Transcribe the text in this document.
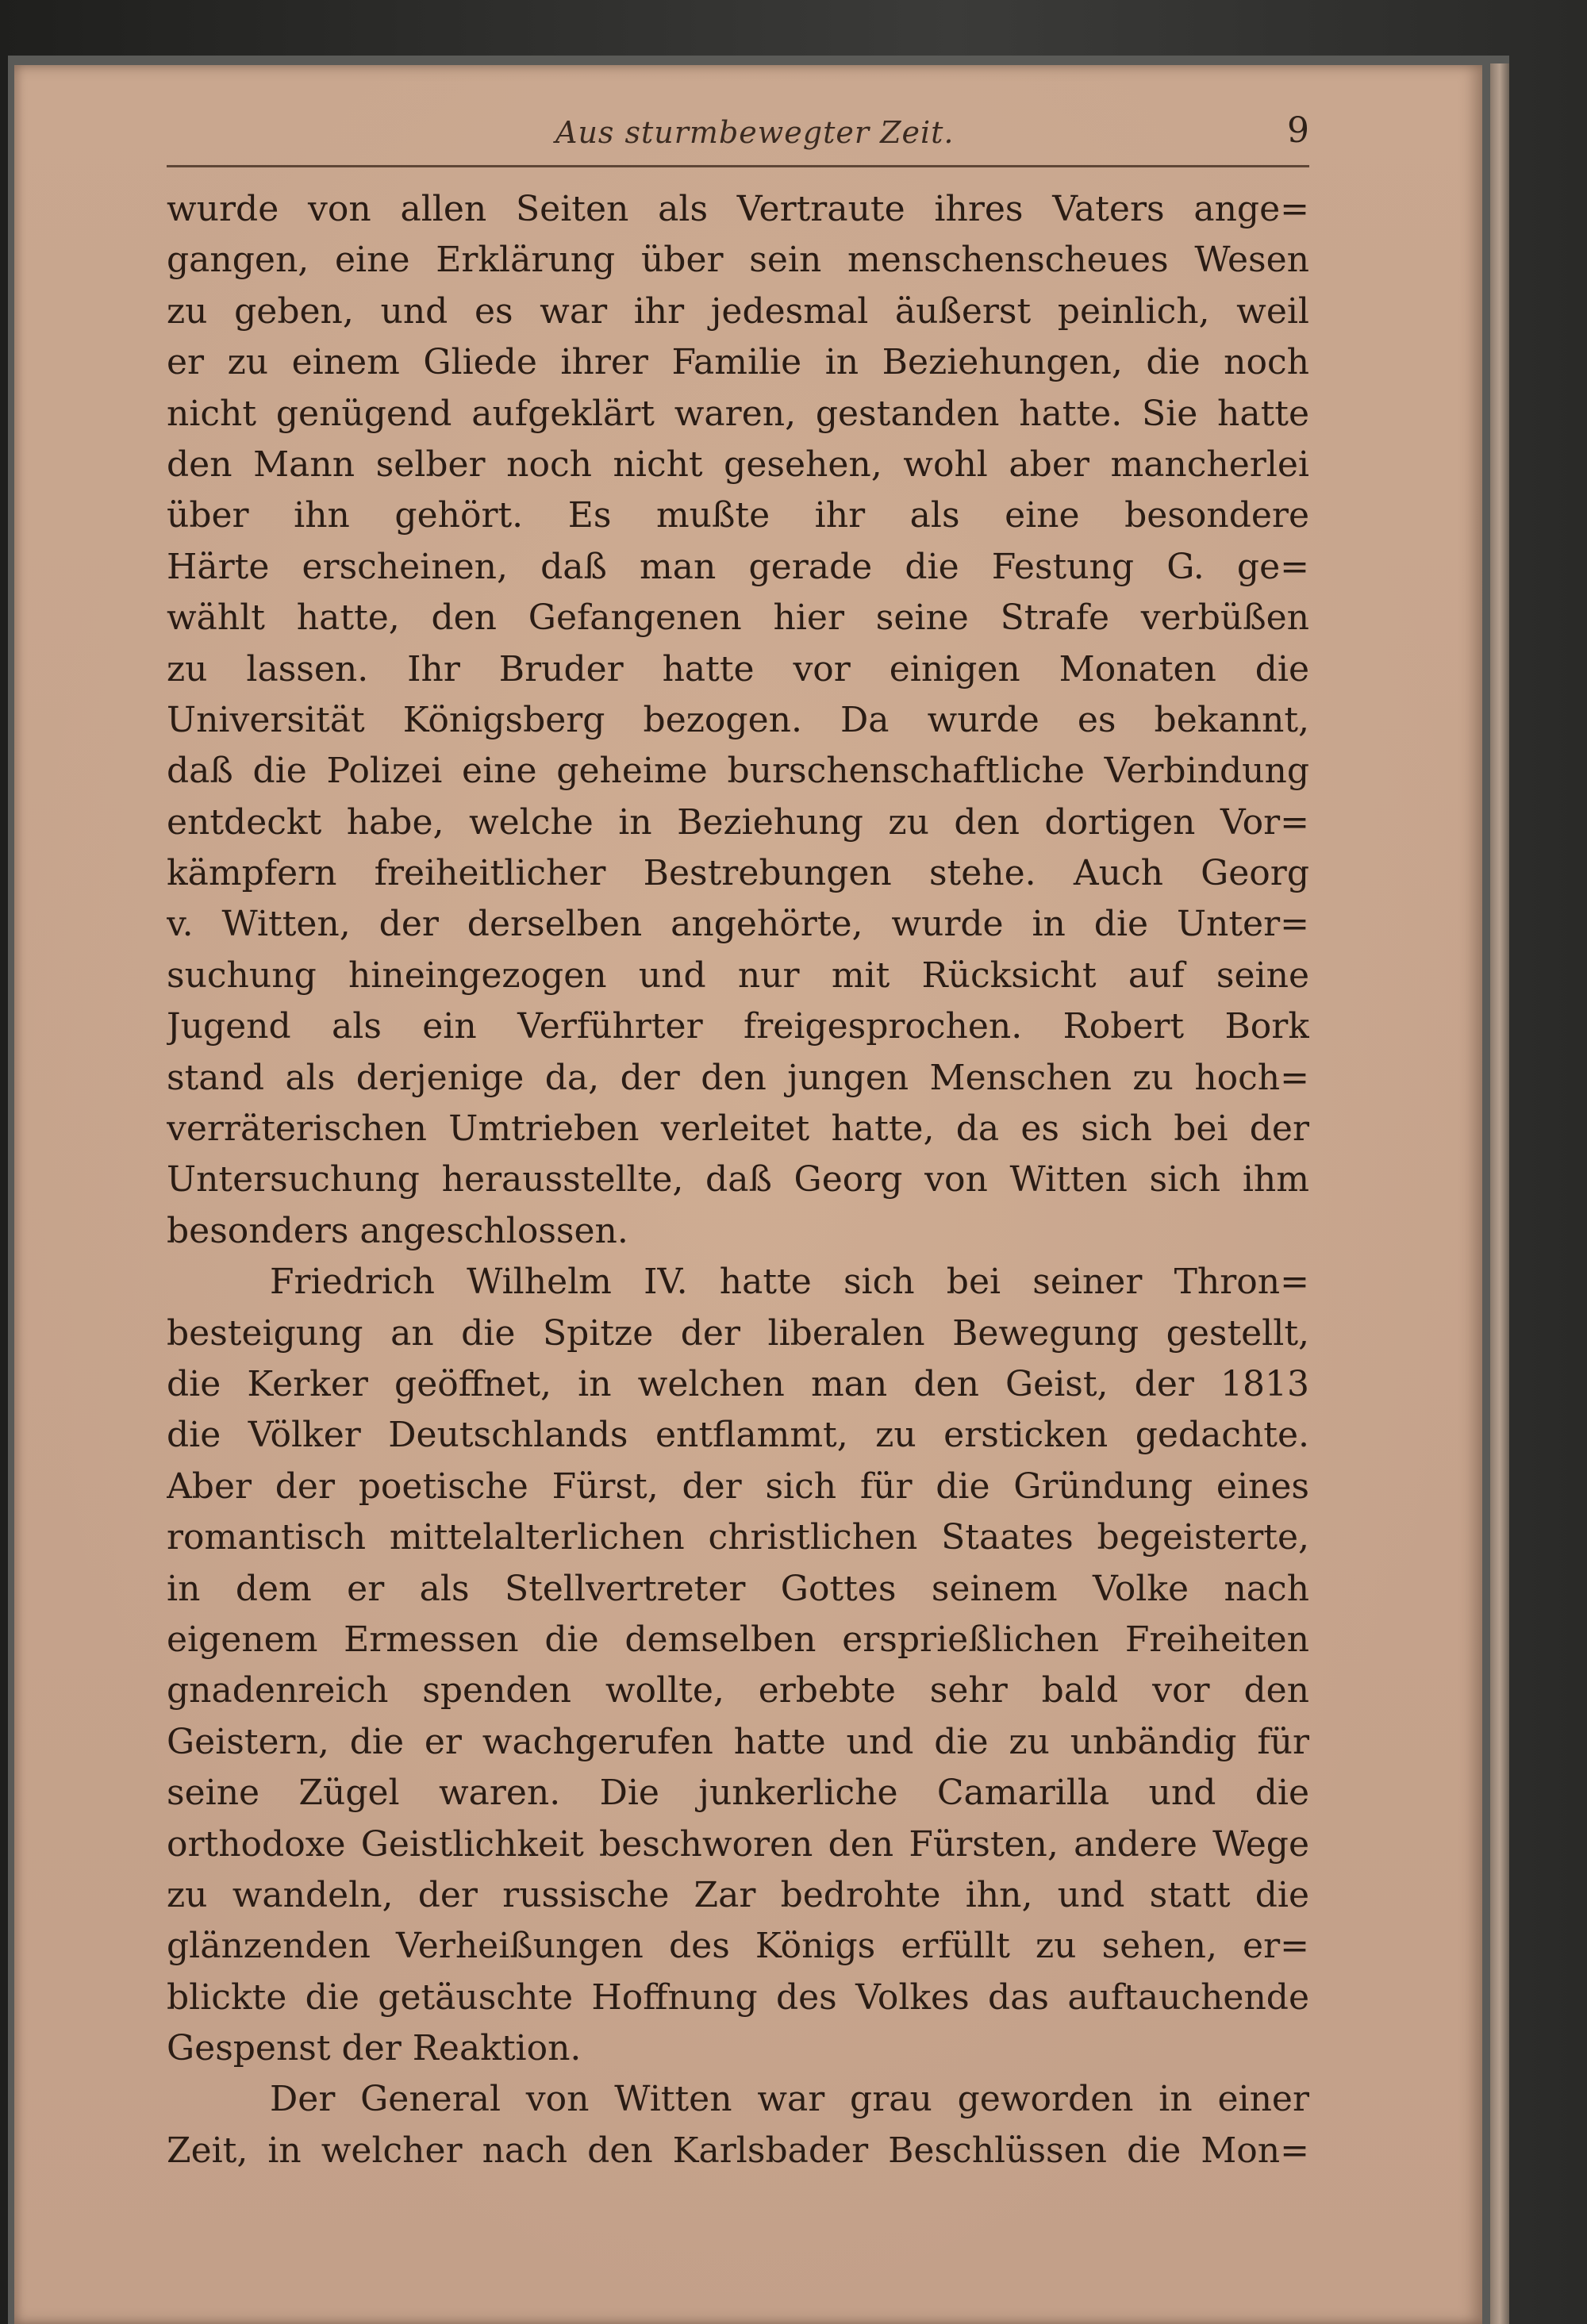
Aus sturmbewegter Zeit.	9
wurde von allen Seiten als Vertraute ihres Vaters ange=
gangen, eine Erklärung über sein menschenscheues Wesen
zu geben, und es war ihr jedesmal äußerst peinlich, weil
er zu einem Gliede ihrer Familie in Beziehungen, die noch
nicht genügend aufgeklärt waren, gestanden hatte. Sie hatte
den Mann selber noch nicht gesehen, wohl aber mancherlei
über ihn gehört. Es mußte ihr als eine besondere
Härte erscheinen, daß man gerade die Festung G. ge=
wählt hatte, den Gefangenen hier seine Strafe verbüßen
zu lassen. Ihr Bruder hatte vor einigen Monaten die
Universität Königsberg bezogen. Da wurde es bekannt,
daß die Polizei eine geheime burschenschaftliche Verbindung
entdeckt habe, welche in Beziehung zu den dortigen Vor=
kämpfern freiheitlicher Bestrebungen stehe. Auch Georg
v. Witten, der derselben angehörte, wurde in die Unter=
suchung hineingezogen und nur mit Rücksicht auf seine
Jugend als ein Verführter freigesprochen. Robert Bork
stand als derjenige da, der den jungen Menschen zu hoch=
verräterischen Umtrieben verleitet hatte, da es sich bei der
Untersuchung herausstellte, daß Georg von Witten sich ihm
besonders angeschlossen.
Friedrich Wilhelm IV. hatte sich bei seiner Thron=
besteigung an die Spitze der liberalen Bewegung gestellt,
die Kerker geöffnet, in welchen man den Geist, der 1813
die Völker Deutschlands entflammt, zu ersticken gedachte.
Aber der poetische Fürst, der sich für die Gründung eines
romantisch mittelalterlichen christlichen Staates begeisterte,
in dem er als Stellvertreter Gottes seinem Volke nach
eigenem Ermessen die demselben ersprießlichen Freiheiten
gnadenreich spenden wollte, erbebte sehr bald vor den
Geistern, die er wachgerufen hatte und die zu unbändig für
seine Zügel waren. Die junkerliche Camarilla und die
orthodoxe Geistlichkeit beschworen den Fürsten, andere Wege
zu wandeln, der russische Zar bedrohte ihn, und statt die
glänzenden Verheißungen des Königs erfüllt zu sehen, er=
blickte die getäuschte Hoffnung des Volkes das auftauchende
Gespenst der Reaktion.
Der General von Witten war grau geworden in einer
Zeit, in welcher nach den Karlsbader Beschlüssen die Mon=
